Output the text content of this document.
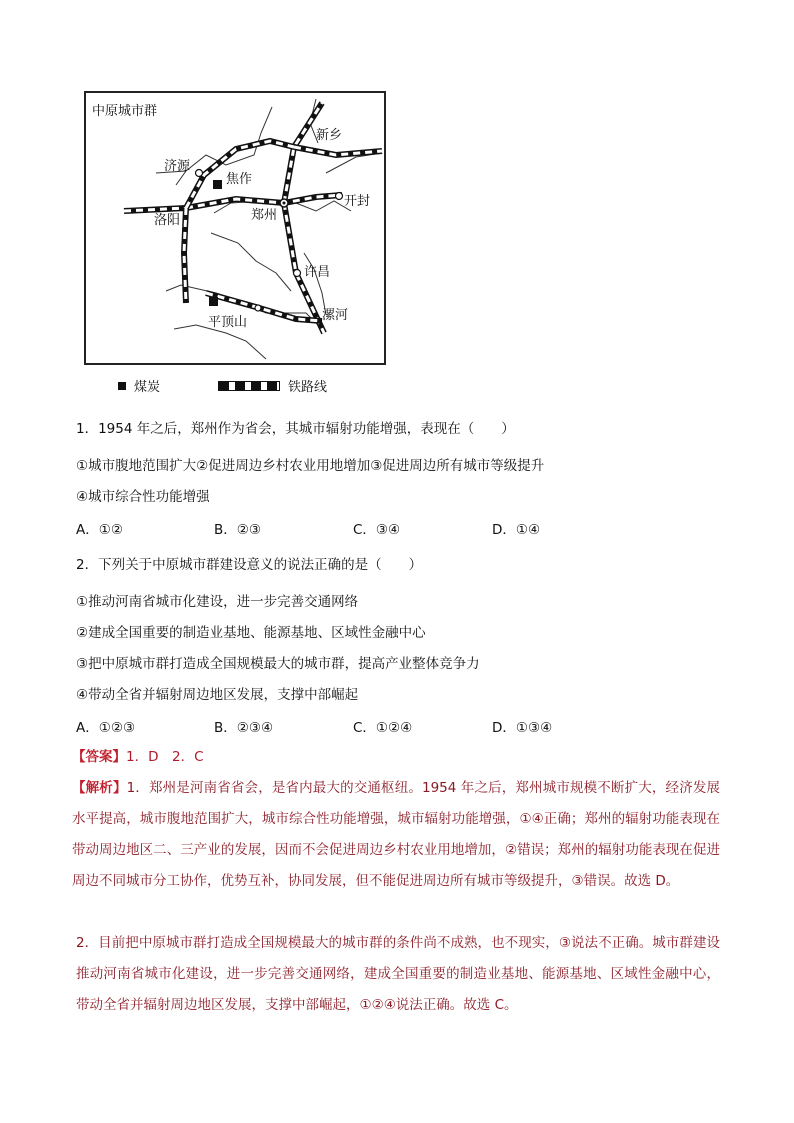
中原城市群
新乡
济源
焦作
开封
洛阳	郑州
许昌
漯河
平顶山
煤炭	铁路线
1．1954 年之后，郑州作为省会，其城市辐射功能增强，表现在（　　）
①城市腹地范围扩大②促进周边乡村农业用地增加③促进周边所有城市等级提升
④城市综合性功能增强
A．①②	B．②③	C．③④	D．①④
2．下列关于中原城市群建设意义的说法正确的是（　　）
①推动河南省城市化建设，进一步完善交通网络
②建成全国重要的制造业基地、能源基地、区域性金融中心
③把中原城市群打造成全国规模最大的城市群，提高产业整体竞争力
④带动全省并辐射周边地区发展，支撑中部崛起
A．①②③	B．②③④	C．①②④	D．①③④
【答案】1．D　2．C
【解析】1．郑州是河南省省会，是省内最大的交通枢纽。1954 年之后，郑州城市规模不断扩大，经济发展水平提高，城市腹地范围扩大，城市综合性功能增强，城市辐射功能增强，①④正确；郑州的辐射功能表现在带动周边地区二、三产业的发展，因而不会促进周边乡村农业用地增加，②错误；郑州的辐射功能表现在促进周边不同城市分工协作，优势互补，协同发展，但不能促进周边所有城市等级提升，③错误。故选 D。
2．目前把中原城市群打造成全国规模最大的城市群的条件尚不成熟，也不现实，③说法不正确。城市群建设推动河南省城市化建设，进一步完善交通网络，建成全国重要的制造业基地、能源基地、区域性金融中心，带动全省并辐射周边地区发展，支撑中部崛起，①②④说法正确。故选 C。
